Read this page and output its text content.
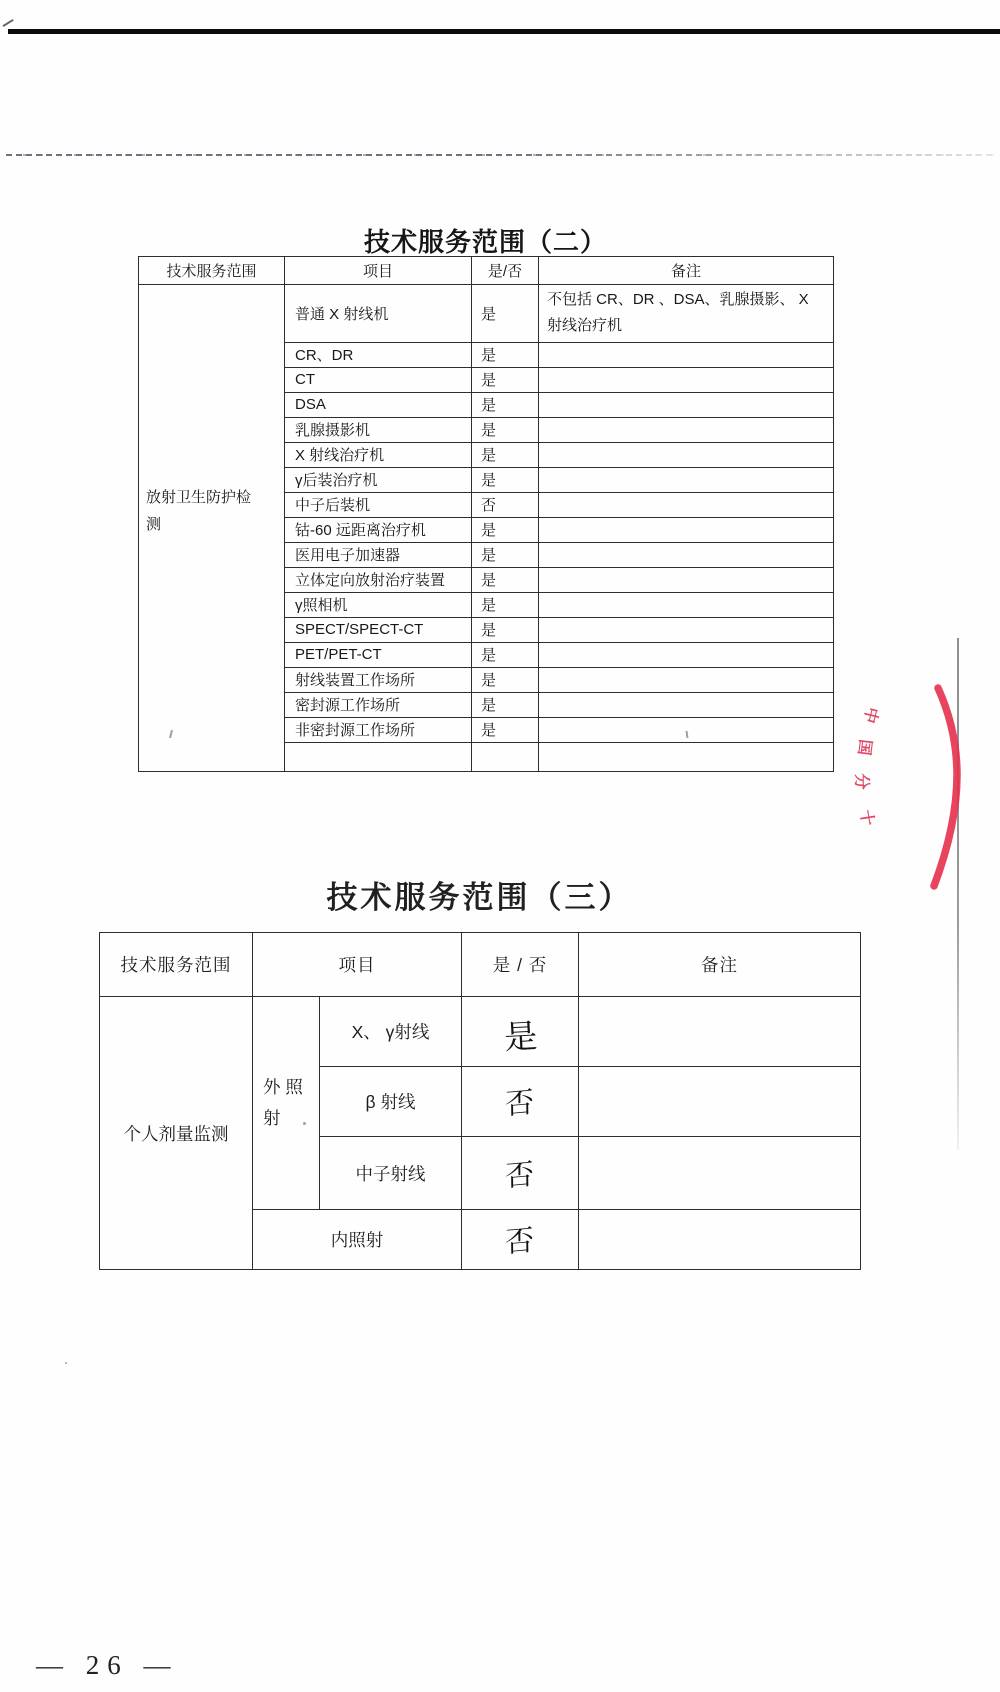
技术服务范围（二）
技术服务范围	项目	是/否	备注
放射卫生防护检测	普通 X 射线机	是	不包括 CR、DR 、DSA、乳腺摄影、 X 射线治疗机
	CR、DR	是	
	CT	是	
	DSA	是	
	乳腺摄影机	是	
	X 射线治疗机	是	
	γ后装治疗机	是	
	中子后装机	否	
	钴-60 远距离治疗机	是	
	医用电子加速器	是	
	立体定向放射治疗装置	是	
	γ照相机	是	
	SPECT/SPECT-CT	是	
	PET/PET-CT	是	
	射线装置工作场所	是	
	密封源工作场所	是	
	非密封源工作场所	是	

技术服务范围（三）
技术服务范围	项目		是 / 否	备注
个人剂量监测	外 照 射	X、 γ射线	是	
		β 射线	否	
		中子射线	否	
	内照射		否	
中
国
分
十
— 26 —
